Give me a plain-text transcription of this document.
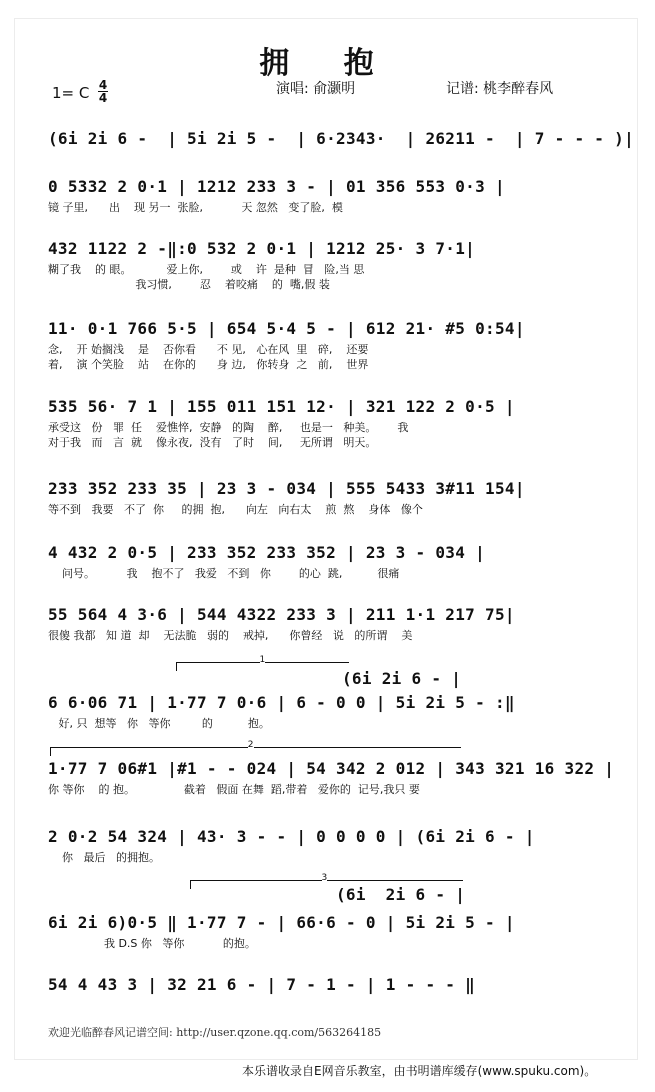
拥 抱
1= C 4
4
演唱: 俞灏明	记谱: 桃李醉春风
1
(6i 2i 6 - |
2
3
(6i  2i 6 - |
(6i 2i 6 -  | 5i 2i 5 -  | 6·2343·  | 26211 -  | 7 - - - )|
0 5332 2 0·1 | 1212 233 3 - | 01 356 553 0·3 |
镜 子里,      出    现 另一  张脸,           天 忽然   变了脸,  模
432 1122 2 -‖:0 532 2 0·1 | 1212 25· 3 7·1|
糊了我    的 眼。          爱上你,        或    许  是种  冒   险,当 思
我习惯,        忍    着咬痛    的  嘴,假 装
11· 0·1 766 5·5 | 654 5·4 5 - | 612 21· #5 0:54|
念,    开 始搁浅    是    否你看      不 见,   心在风  里   碎,    还要
着,    演 个笑脸    站    在你的      身 边,   你转身  之   前,    世界
535 56· 7 1 | 155 011 151 12· | 321 122 2 0·5 |
承受这   份   罪  任    爱憔悴,  安静   的陶    醉,     也是一   种美。      我
对于我   而   言  就    像永夜,  没有   了时    间,     无所谓   明天。
233 352 233 35 | 23 3 - 034 | 555 5433 3#11 154|
等不到   我要   不了  你     的拥  抱,      向左   向右太    煎  熬    身体   像个
4 432 2 0·5 | 233 352 233 352 | 23 3 - 034 |
问号。         我    抱不了   我爱   不到   你        的心  跳,          很痛
55 564 4 3·6 | 544 4322 233 3 | 211 1·1 217 75|
很傻 我都   知 道  却    无法脆   弱的    戒掉,      你曾经   说   的所谓    美
6 6·06 71 | 1·77 7 0·6 | 6 - 0 0 | 5i 2i 5 - :‖
好, 只  想等   你   等你         的          抱。
1·77 7 06#1 |#1 - - 024 | 54 342 2 012 | 343 321 16 322 |
你 等你    的 抱。              截着   假面 在舞  蹈,带着   爱你的  记号,我只 要
2 0·2 54 324 | 43· 3 - - | 0 0 0 0 | (6i 2i 6 - |
你   最后   的拥抱。
6i 2i 6)0·5 ‖ 1·77 7 - | 66·6 - 0 | 5i 2i 5 - |
我 D.S 你   等你           的抱。
54 4 43 3 | 32 21 6 - | 7 - 1 - | 1 - - - ‖
欢迎光临醉春风记谱空间: http://user.qzone.qq.com/563264185
本乐谱收录自E网音乐教室，由书明谱库缓存(www.spuku.com)。
